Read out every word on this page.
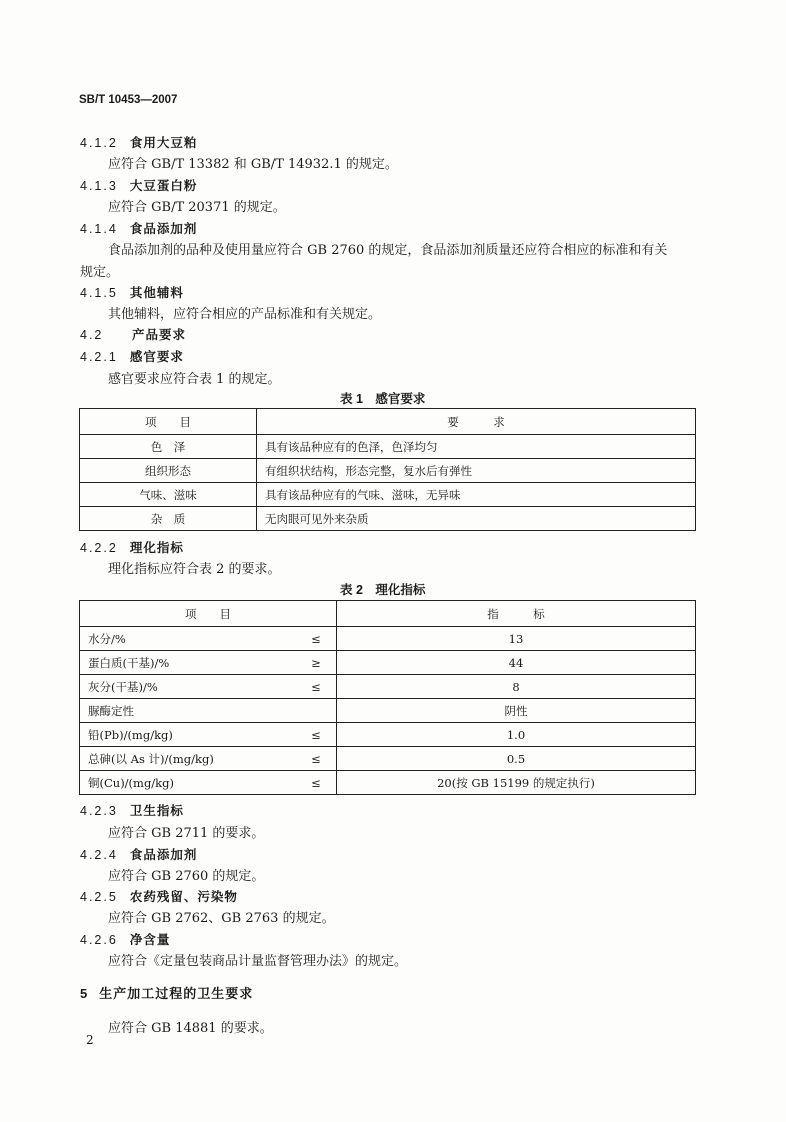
SB/T 10453—2007
4.1.2 食用大豆粕
应符合 GB/T 13382 和 GB/T 14932.1 的规定。
4.1.3 大豆蛋白粉
应符合 GB/T 20371 的规定。
4.1.4 食品添加剂
食品添加剂的品种及使用量应符合 GB 2760 的规定，食品添加剂质量还应符合相应的标准和有关
规定。
4.1.5 其他辅料
其他辅料，应符合相应的产品标准和有关规定。
4.2 产品要求
4.2.1 感官要求
感官要求应符合表 1 的规定。
表 1　感官要求
项　　目	要　　　求
色　泽	具有该品种应有的色泽，色泽均匀
组织形态	有组织状结构，形态完整，复水后有弹性
气味、滋味	具有该品种应有的气味、滋味，无异味
杂　质	无肉眼可见外来杂质
4.2.2 理化指标
理化指标应符合表 2 的要求。
表 2　理化指标
项　　目		指　　　标
水分/%	≤	13
蛋白质(干基)/%	≥	44
灰分(干基)/%	≤	8
脲酶定性		阴性
铅(Pb)/(mg/kg)	≤	1.0
总砷(以 As 计)/(mg/kg)	≤	0.5
铜(Cu)/(mg/kg)	≤	20(按 GB 15199 的规定执行)
4.2.3 卫生指标
应符合 GB 2711 的要求。
4.2.4 食品添加剂
应符合 GB 2760 的规定。
4.2.5 农药残留、污染物
应符合 GB 2762、GB 2763 的规定。
4.2.6 净含量
应符合《定量包装商品计量监督管理办法》的规定。
5 生产加工过程的卫生要求
应符合 GB 14881 的要求。
2
